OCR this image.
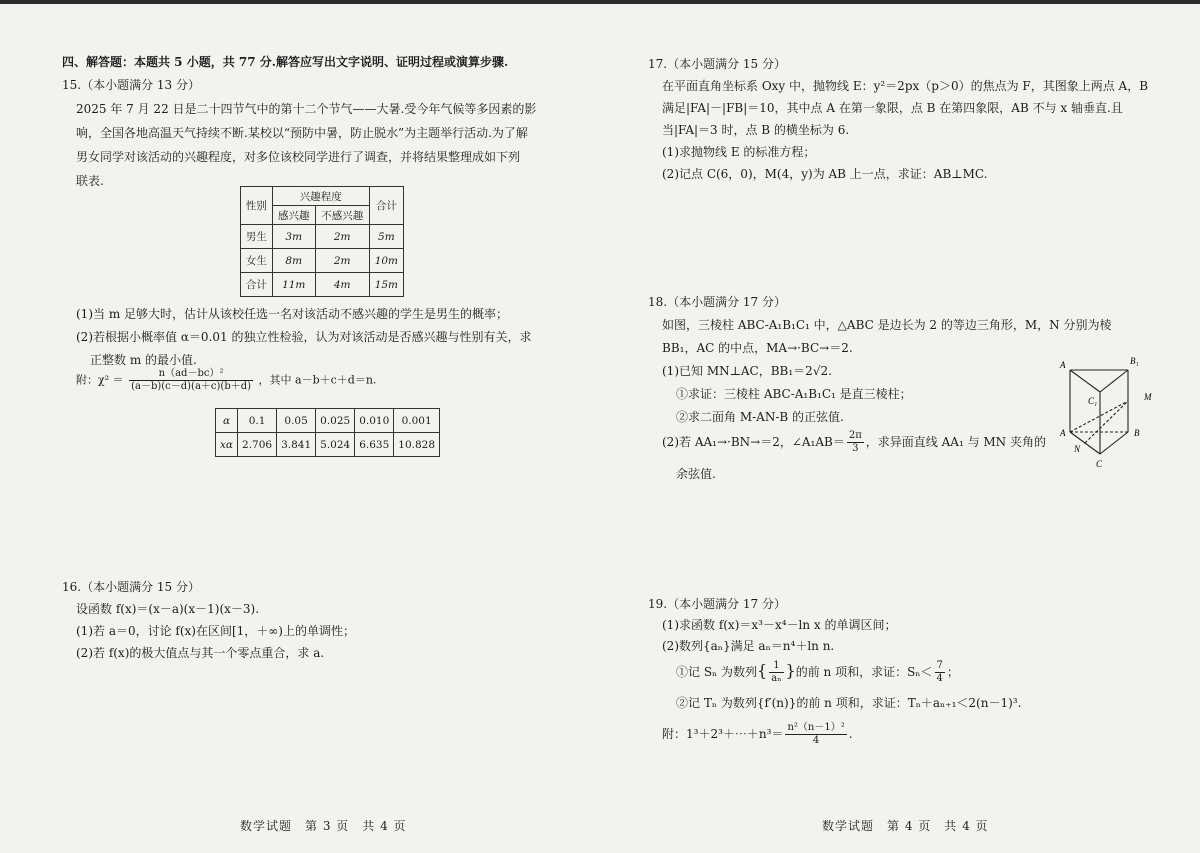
四、解答题：本题共 5 小题，共 77 分.解答应写出文字说明、证明过程或演算步骤.
15.（本小题满分 13 分）
2025 年 7 月 22 日是二十四节气中的第十二个节气——大暑.受今年气候等多因素的影
响，全国各地高温天气持续不断.某校以“预防中暑，防止脱水”为主题举行活动.为了解
男女同学对该活动的兴趣程度，对多位该校同学进行了调查，并将结果整理成如下列
联表.
性别	兴趣程度		合计
	感兴趣	不感兴趣	
男生	3m	2m	5m
女生	8m	2m	10m
合计	11m	4m	15m
(1)当 m 足够大时，估计从该校任选一名对该活动不感兴趣的学生是男生的概率；
(2)若根据小概率值 α＝0.01 的独立性检验，认为对该活动是否感兴趣与性别有关，求
正整数 m 的最小值.
附：$\chi^2 = \frac{\text{n（ad－bc）²}}{(a-b)(c-d)(a+c)(b+d)}$ ，其中 a－b＋c＋d＝n.
α	0.1	0.05	0.025	0.010	0.001
xα	2.706	3.841	5.024	6.635	10.828
16.（本小题满分 15 分）
设函数 f(x)＝(x－a)(x－1)(x－3).
(1)若 a＝0，讨论 f(x)在区间[1，＋∞)上的单调性；
(2)若 f(x)的极大值点与其一个零点重合，求 a.
数学试题　第 3 页　共 4 页
17.（本小题满分 15 分）
在平面直角坐标系 Oxy 中，抛物线 E：y²＝2px（p＞0）的焦点为 F，其图象上两点 A，B
满足|FA|－|FB|＝10，其中点 A 在第一象限，点 B 在第四象限，AB 不与 x 轴垂直.且
当|FA|＝3 时，点 B 的横坐标为 6.
(1)求抛物线 E 的标准方程；
(2)记点 C(6，0)，M(4，y)为 AB 上一点，求证：AB⊥MC.
18.（本小题满分 17 分）
如图，三棱柱 ABC-A₁B₁C₁ 中，△ABC 是边长为 2 的等边三角形，M，N 分别为棱
BB₁，AC 的中点，MA→·BC→＝2.
(1)已知 MN⊥AC，BB₁＝2√2.
①求证：三棱柱 ABC-A₁B₁C₁ 是直三棱柱；
②求二面角 M-AN-B 的正弦值.
(2)若 AA₁→·BN→＝2，∠A₁AB＝ $\frac{2\pi}{3}$ ，求异面直线 AA₁ 与 MN 夹角的
余弦值.
A	B₁
C₁	M
A	B
N
C
19.（本小题满分 17 分）
(1)求函数 f(x)＝x³－x⁴－ln x 的单调区间；
(2)数列{aₙ}满足 aₙ＝n⁴＋ln n.
①记 Sₙ 为数列{ $\frac{1}{\text{aₙ}}$ }的前 n 项和，求证：$S_n< \frac{7}{4}$ ；
②记 Tₙ 为数列{f′(n)}的前 n 项和，求证：Tₙ＋aₙ₊₁＜2(n－1)³.
附：1³＋2³＋⋯＋n³＝ $\frac{\text{n²（n－1）²}}{4}$ .
数学试题　第 4 页　共 4 页
